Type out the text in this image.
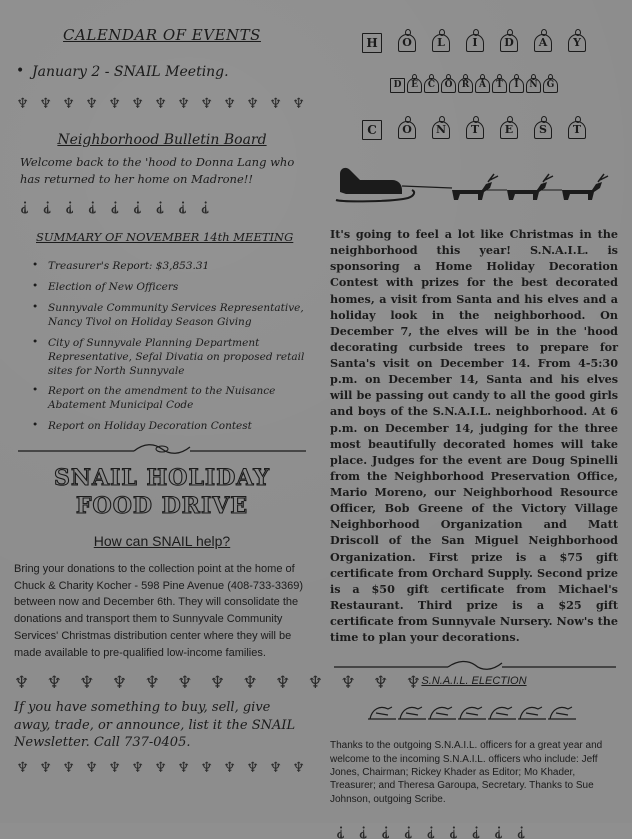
CALENDAR OF EVENTS
• January 2 - SNAIL Meeting.
♆ ♆ ♆ ♆ ♆ ♆ ♆ ♆ ♆ ♆ ♆ ♆ ♆
Neighborhood Bulletin Board
Welcome back to the 'hood to Donna Lang who has returned to her home on Madrone!!
⸘⸘⸘⸘⸘⸘⸘⸘⸘
SUMMARY OF NOVEMBER 14th MEETING
• Treasurer's Report: $3,853.31
• Election of New Officers
• Sunnyvale Community Services Representative, Nancy Tivol on Holiday Season Giving
• City of Sunnyvale Planning Department Representative, Sefal Divatia on proposed retail sites for North Sunnyvale
• Report on the amendment to the Nuisance Abatement Municipal Code
• Report on Holiday Decoration Contest
SNAIL HOLIDAY
FOOD DRIVE
How can SNAIL help?
Bring your donations to the collection point at the home of Chuck & Charity Kocher - 598 Pine Avenue (408-733-3369) between now and December 6th. They will consolidate the donations and transport them to Sunnyvale Community Services' Christmas distribution center where they will be made available to pre-qualified low-income families.
♆ ♆ ♆ ♆ ♆ ♆ ♆ ♆ ♆ ♆ ♆ ♆ ♆
If you have something to buy, sell, give away, trade, or announce, list it the SNAIL Newsletter. Call 737-0405.
♆ ♆ ♆ ♆ ♆ ♆ ♆ ♆ ♆ ♆ ♆ ♆ ♆
H O L	I D A Y
D E C O R A T I N G
C O N T E S T
It's going to feel a lot like Christmas in the neighborhood this year! S.N.A.I.L. is sponsoring a Home Holiday Decoration Contest with prizes for the best decorated homes, a visit from Santa and his elves and a holiday look in the neighborhood. On December 7, the elves will be in the 'hood decorating curbside trees to prepare for Santa's visit on December 14. From 4-5:30 p.m. on December 14, Santa and his elves will be passing out candy to all the good girls and boys of the S.N.A.I.L. neighborhood. At 6 p.m. on December 14, judging for the three most beautifully decorated homes will take place. Judges for the event are Doug Spinelli from the Neighborhood Preservation Office, Mario Moreno, our Neighborhood Resource Officer, Bob Greene of the Victory Village Neighborhood Organization and Matt Driscoll of the San Miguel Neighborhood Organization. First prize is a $75 gift certificate from Orchard Supply. Second prize is a $50 gift certificate from Michael's Restaurant. Third prize is a $25 gift certificate from Sunnyvale Nursery. Now's the time to plan your decorations.
S.N.A.I.L. ELECTION
Thanks to the outgoing S.N.A.I.L. officers for a great year and welcome to the incoming S.N.A.I.L. officers who include: Jeff Jones, Chairman; Rickey Khader as Editor; Mo Khader, Treasurer; and Theresa Garoupa, Secretary. Thanks to Sue Johnson, outgoing Scribe.
⸘⸘⸘⸘⸘⸘⸘⸘⸘
